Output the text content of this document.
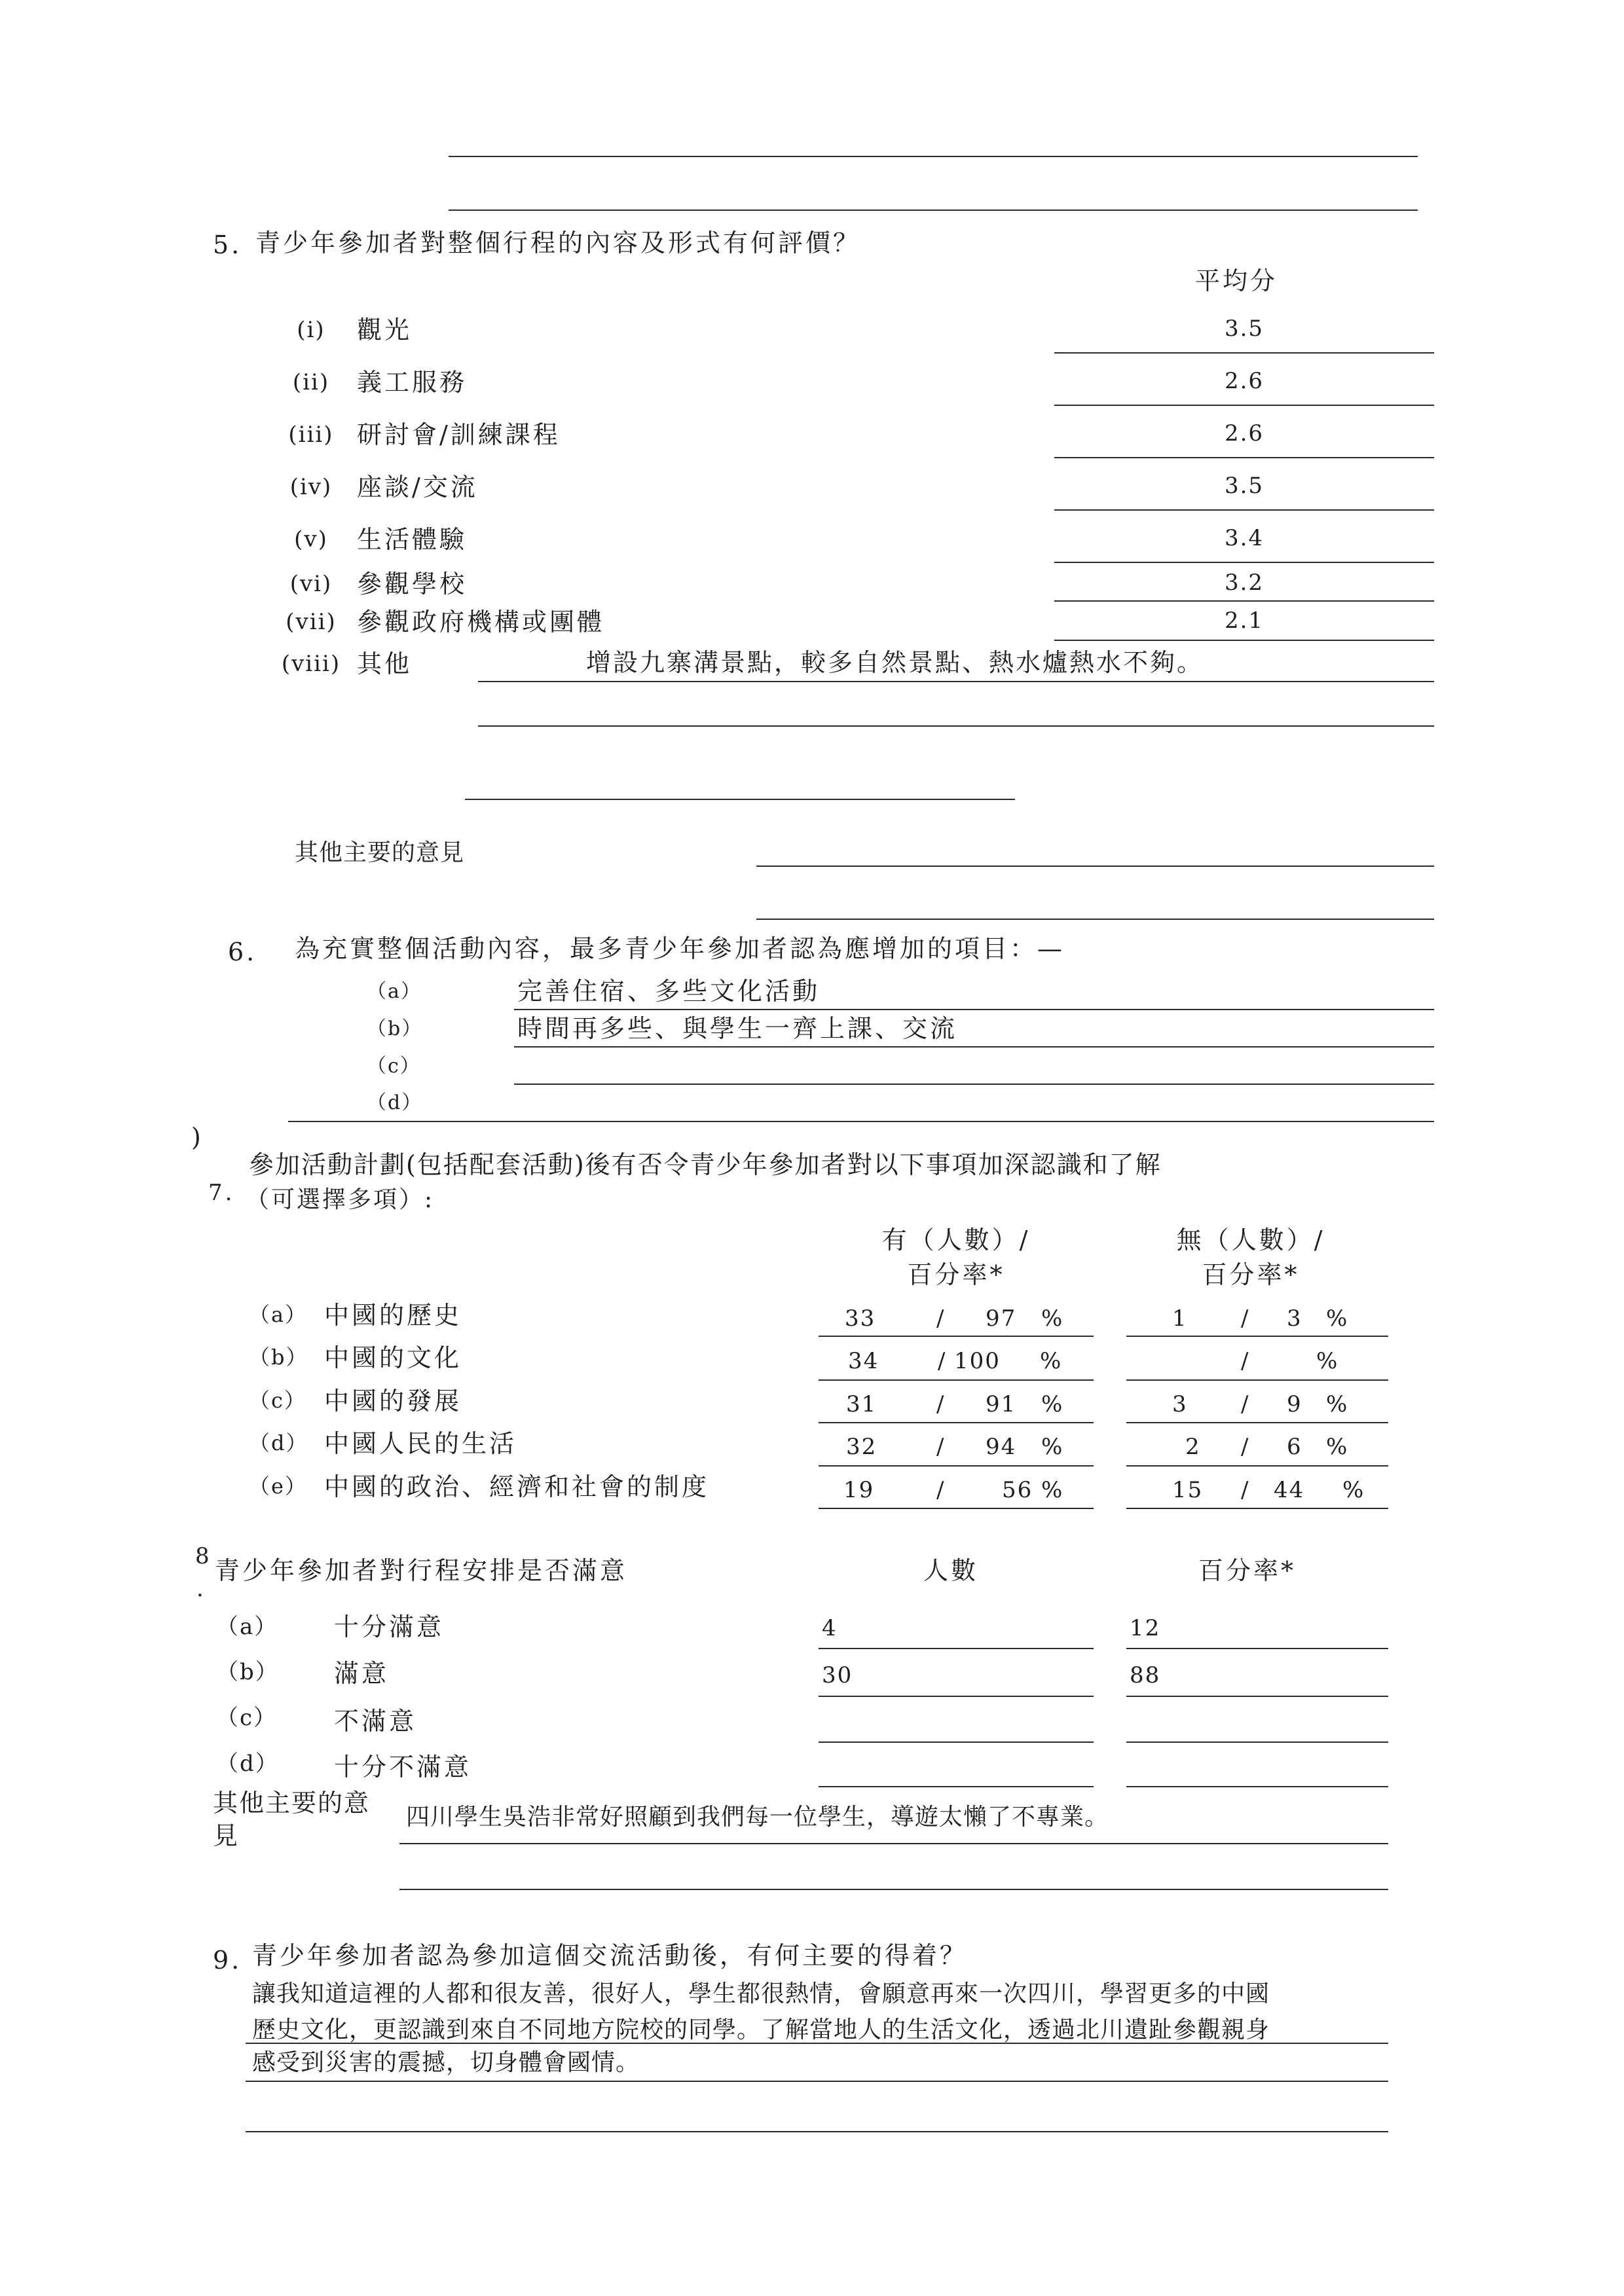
5. 青少年參加者對整個行程的內容及形式有何評價？
平均分
(i)	觀光	3.5
(ii)	義工服務	2.6
(iii) 研討會/訓練課程	2.6
(iv) 座談/交流	3.5
(v)	生活體驗	3.4
(vi) 參觀學校	3.2
(vii) 參觀政府機構或團體	2.1
(viii) 其他	增設九寨溝景點，較多自然景點、熱水爐熱水不夠。
其他主要的意見
6. 為充實整個活動內容，最多青少年參加者認為應增加的項目：—
（a）	完善住宿、多些文化活動
（b）	時間再多些、與學生一齊上課、交流
（c）
（d）
)
7.
參加活動計劃(包括配套活動)後有否令青少年參加者對以下事項加深認識和了解
（可選擇多項）:
有（人數）/
百分率*
無（人數）/
百分率*
（a） 中國的歷史	33	/ 97 %	1 / 3 %
（b） 中國的文化	34	/ 100 %	/	%
（c） 中國的發展	31	/ 91 %	3 / 9 %
（d） 中國人民的生活	32	/ 94 %	2 / 6 %
（e） 中國的政治、經濟和社會的制度	19	/	56 %	15 / 44 %
8
.
青少年參加者對行程安排是否滿意	人數	百分率*
（a） 十分滿意	4	12
（b） 滿意	30	88
（c） 不滿意
（d） 十分不滿意
其他主要的意
見
四川學生吳浩非常好照顧到我們每一位學生，導遊太懶了不專業。
9. 青少年參加者認為參加這個交流活動後，有何主要的得着？
讓我知道這裡的人都和很友善，很好人，學生都很熱情，會願意再來一次四川，學習更多的中國
歷史文化，更認識到來自不同地方院校的同學。了解當地人的生活文化，透過北川遺趾參觀親身
感受到災害的震撼，切身體會國情。
